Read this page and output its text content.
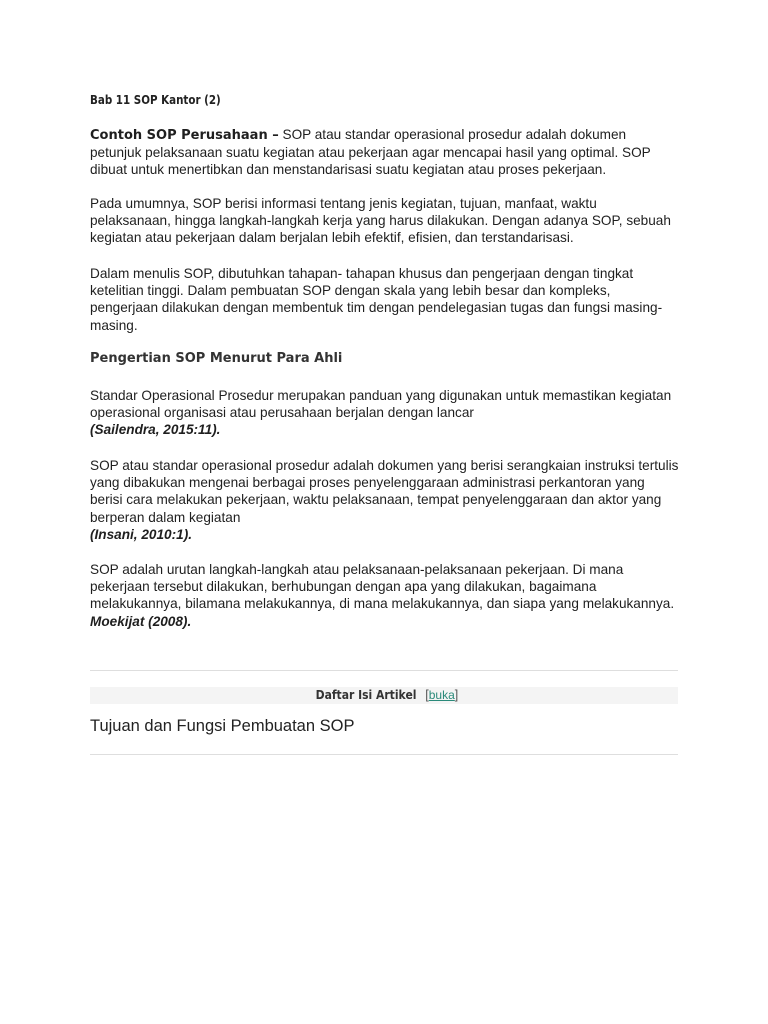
Bab 11 SOP Kantor (2)

Contoh SOP Perusahaan – SOP atau standar operasional prosedur adalah dokumen petunjuk pelaksanaan suatu kegiatan atau pekerjaan agar mencapai hasil yang optimal. SOP dibuat untuk menertibkan dan menstandarisasi suatu kegiatan atau proses pekerjaan.

Pada umumnya, SOP berisi informasi tentang jenis kegiatan, tujuan, manfaat, waktu pelaksanaan, hingga langkah-langkah kerja yang harus dilakukan. Dengan adanya SOP, sebuah kegiatan atau pekerjaan dalam berjalan lebih efektif, efisien, dan terstandarisasi.

Dalam menulis SOP, dibutuhkan tahapan- tahapan khusus dan pengerjaan dengan tingkat ketelitian tinggi. Dalam pembuatan SOP dengan skala yang lebih besar dan kompleks, pengerjaan dilakukan dengan membentuk tim dengan pendelegasian tugas dan fungsi masing- masing.

Pengertian SOP Menurut Para Ahli

Standar Operasional Prosedur merupakan panduan yang digunakan untuk memastikan kegiatan operasional organisasi atau perusahaan berjalan dengan lancar
(Sailendra, 2015:11).

SOP atau standar operasional prosedur adalah dokumen yang berisi serangkaian instruksi tertulis yang dibakukan mengenai berbagai proses penyelenggaraan administrasi perkantoran yang berisi cara melakukan pekerjaan, waktu pelaksanaan, tempat penyelenggaraan dan aktor yang berperan dalam kegiatan
(Insani, 2010:1).

SOP adalah urutan langkah-langkah atau pelaksanaan-pelaksanaan pekerjaan. Di mana pekerjaan tersebut dilakukan, berhubungan dengan apa yang dilakukan, bagaimana melakukannya, bilamana melakukannya, di mana melakukannya, dan siapa yang melakukannya. Moekijat (2008).

Daftar Isi Artikel [buka]
Tujuan dan Fungsi Pembuatan SOP
